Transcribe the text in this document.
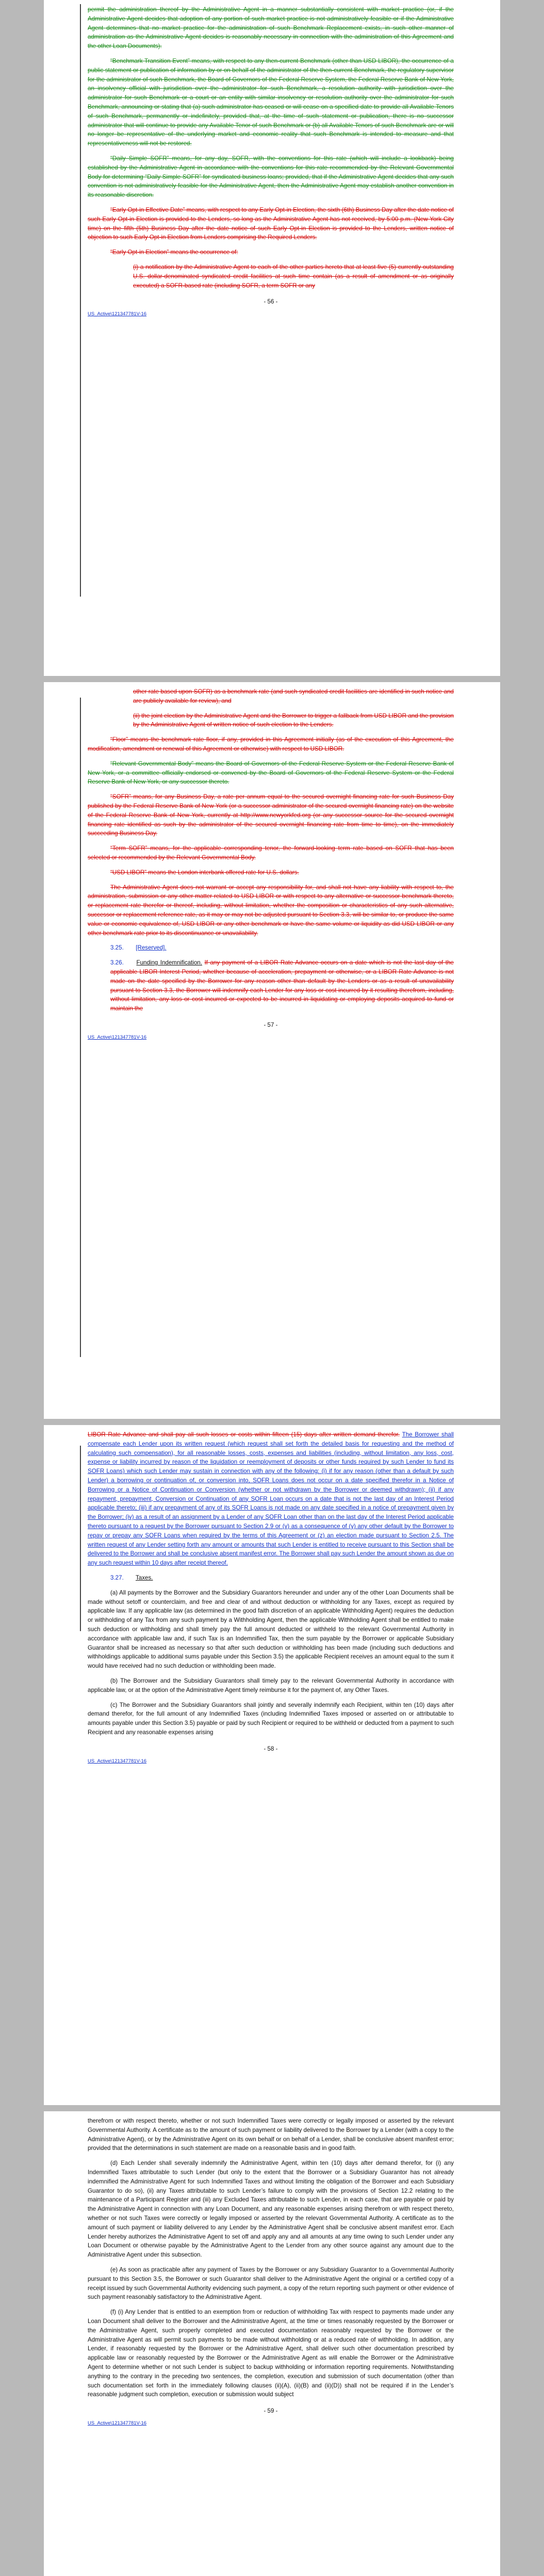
permit the administration thereof by the Administrative Agent in a manner substantially consistent with market practice (or, if the Administrative Agent decides that adoption of any portion of such market practice is not administratively feasible or if the Administrative Agent determines that no market practice for the administration of such Benchmark Replacement exists, in such other manner of administration as the Administrative Agent decides is reasonably necessary in connection with the administration of this Agreement and the other Loan Documents).

“Benchmark Transition Event” means, with respect to any then-current Benchmark (other than USD LIBOR), the occurrence of a public statement or publication of information by or on behalf of the administrator of the then-current Benchmark, the regulatory supervisor for the administrator of such Benchmark, the Board of Governors of the Federal Reserve System, the Federal Reserve Bank of New York, an insolvency official with jurisdiction over the administrator for such Benchmark, a resolution authority with jurisdiction over the administrator for such Benchmark or a court or an entity with similar insolvency or resolution authority over the administrator for such Benchmark, announcing or stating that (a) such administrator has ceased or will cease on a specified date to provide all Available Tenors of such Benchmark, permanently or indefinitely, provided that, at the time of such statement or publication, there is no successor administrator that will continue to provide any Available Tenor of such Benchmark or (b) all Available Tenors of such Benchmark are or will no longer be representative of the underlying market and economic reality that such Benchmark is intended to measure and that representativeness will not be restored.

“Daily Simple SOFR” means, for any day, SOFR, with the conventions for this rate (which will include a lookback) being established by the Administrative Agent in accordance with the conventions for this rate recommended by the Relevant Governmental Body for determining “Daily Simple SOFR” for syndicated business loans; provided, that if the Administrative Agent decides that any such convention is not administratively feasible for the Administrative Agent, then the Administrative Agent may establish another convention in its reasonable discretion.

“Early Opt-in Effective Date” means, with respect to any Early Opt-in Election, the sixth (6th) Business Day after the date notice of such Early Opt-in Election is provided to the Lenders, so long as the Administrative Agent has not received, by 5:00 p.m. (New York City time) on the fifth (5th) Business Day after the date notice of such Early Opt-in Election is provided to the Lenders, written notice of objection to such Early Opt-in Election from Lenders comprising the Required Lenders.

“Early Opt-in Election” means the occurrence of:

(i) a notification by the Administrative Agent to each of the other parties hereto that at least five (5) currently outstanding U.S. dollar-denominated syndicated credit facilities at such time contain (as a result of amendment or as originally executed) a SOFR-based rate (including SOFR, a term SOFR or any

- 56 -
US_Active\121347781V-16

other rate based upon SOFR) as a benchmark rate (and such syndicated credit facilities are identified in such notice and are publicly available for review), and

(ii) the joint election by the Administrative Agent and the Borrower to trigger a fallback from USD LIBOR and the provision by the Administrative Agent of written notice of such election to the Lenders.

“Floor” means the benchmark rate floor, if any, provided in this Agreement initially (as of the execution of this Agreement, the modification, amendment or renewal of this Agreement or otherwise) with respect to USD LIBOR.

“Relevant Governmental Body” means the Board of Governors of the Federal Reserve System or the Federal Reserve Bank of New York, or a committee officially endorsed or convened by the Board of Governors of the Federal Reserve System or the Federal Reserve Bank of New York, or any successor thereto.

“SOFR” means, for any Business Day, a rate per annum equal to the secured overnight financing rate for such Business Day published by the Federal Reserve Bank of New York (or a successor administrator of the secured overnight financing rate) on the website of the Federal Reserve Bank of New York, currently at http://www.newyorkfed.org (or any successor source for the secured overnight financing rate identified as such by the administrator of the secured overnight financing rate from time to time), on the immediately succeeding Business Day.

“Term SOFR” means, for the applicable corresponding tenor, the forward-looking term rate based on SOFR that has been selected or recommended by the Relevant Governmental Body.

“USD LIBOR” means the London interbank offered rate for U.S. dollars.

The Administrative Agent does not warrant or accept any responsibility for, and shall not have any liability with respect to, the administration, submission or any other matter related to USD LIBOR or with respect to any alternative or successor benchmark thereto, or replacement rate therefor or thereof, including, without limitation, whether the composition or characteristics of any such alternative, successor or replacement reference rate, as it may or may not be adjusted pursuant to Section 3.3, will be similar to, or produce the same value or economic equivalence of, USD LIBOR or any other benchmark or have the same volume or liquidity as did USD LIBOR or any other benchmark rate prior to its discontinuance or unavailability.

3.25. [Reserved].

3.26. Funding Indemnification. If any payment of a LIBOR Rate Advance occurs on a date which is not the last day of the applicable LIBOR Interest Period, whether because of acceleration, prepayment or otherwise, or a LIBOR Rate Advance is not made on the date specified by the Borrower for any reason other than default by the Lenders or as a result of unavailability pursuant to Section 3.3, the Borrower will indemnify each Lender for any loss or cost incurred by it resulting therefrom, including, without limitation, any loss or cost incurred or expected to be incurred in liquidating or employing deposits acquired to fund or maintain the

- 57 -
US_Active\121347781V-16

LIBOR Rate Advance and shall pay all such losses or costs within fifteen (15) days after written demand therefor. The Borrower shall compensate each Lender upon its written request (which request shall set forth the detailed basis for requesting and the method of calculating such compensation), for all reasonable losses, costs, expenses and liabilities (including, without limitation, any loss, cost, expense or liability incurred by reason of the liquidation or reemployment of deposits or other funds required by such Lender to fund its SOFR Loans) which such Lender may sustain in connection with any of the following: (i) if for any reason (other than a default by such Lender) a borrowing or continuation of, or conversion into, SOFR Loans does not occur on a date specified therefor in a Notice of Borrowing or a Notice of Continuation or Conversion (whether or not withdrawn by the Borrower or deemed withdrawn); (ii) if any repayment, prepayment, Conversion or Continuation of any SOFR Loan occurs on a date that is not the last day of an Interest Period applicable thereto; (iii) if any prepayment of any of its SOFR Loans is not made on any date specified in a notice of prepayment given by the Borrower; (iv) as a result of an assignment by a Lender of any SOFR Loan other than on the last day of the Interest Period applicable thereto pursuant to a request by the Borrower pursuant to Section 2.9 or (v) as a consequence of (y) any other default by the Borrower to repay or prepay any SOFR Loans when required by the terms of this Agreement or (z) an election made pursuant to Section 2.5. The written request of any Lender setting forth any amount or amounts that such Lender is entitled to receive pursuant to this Section shall be delivered to the Borrower and shall be conclusive absent manifest error. The Borrower shall pay such Lender the amount shown as due on any such request within 10 days after receipt thereof.

3.27. Taxes.

(a) All payments by the Borrower and the Subsidiary Guarantors hereunder and under any of the other Loan Documents shall be made without setoff or counterclaim, and free and clear of and without deduction or withholding for any Taxes, except as required by applicable law. If any applicable law (as determined in the good faith discretion of an applicable Withholding Agent) requires the deduction or withholding of any Tax from any such payment by a Withholding Agent, then the applicable Withholding Agent shall be entitled to make such deduction or withholding and shall timely pay the full amount deducted or withheld to the relevant Governmental Authority in accordance with applicable law and, if such Tax is an Indemnified Tax, then the sum payable by the Borrower or applicable Subsidiary Guarantor shall be increased as necessary so that after such deduction or withholding has been made (including such deductions and withholdings applicable to additional sums payable under this Section 3.5) the applicable Recipient receives an amount equal to the sum it would have received had no such deduction or withholding been made.

(b) The Borrower and the Subsidiary Guarantors shall timely pay to the relevant Governmental Authority in accordance with applicable law, or at the option of the Administrative Agent timely reimburse it for the payment of, any Other Taxes.

(c) The Borrower and the Subsidiary Guarantors shall jointly and severally indemnify each Recipient, within ten (10) days after demand therefor, for the full amount of any Indemnified Taxes (including Indemnified Taxes imposed or asserted on or attributable to amounts payable under this Section 3.5) payable or paid by such Recipient or required to be withheld or deducted from a payment to such Recipient and any reasonable expenses arising

- 58 -
US_Active\121347781V-16

therefrom or with respect thereto, whether or not such Indemnified Taxes were correctly or legally imposed or asserted by the relevant Governmental Authority. A certificate as to the amount of such payment or liability delivered to the Borrower by a Lender (with a copy to the Administrative Agent), or by the Administrative Agent on its own behalf or on behalf of a Lender, shall be conclusive absent manifest error; provided that the determinations in such statement are made on a reasonable basis and in good faith.

(d) Each Lender shall severally indemnify the Administrative Agent, within ten (10) days after demand therefor, for (i) any Indemnified Taxes attributable to such Lender (but only to the extent that the Borrower or a Subsidiary Guarantor has not already indemnified the Administrative Agent for such Indemnified Taxes and without limiting the obligation of the Borrower and each Subsidiary Guarantor to do so), (ii) any Taxes attributable to such Lender’s failure to comply with the provisions of Section 12.2 relating to the maintenance of a Participant Register and (iii) any Excluded Taxes attributable to such Lender, in each case, that are payable or paid by the Administrative Agent in connection with any Loan Document, and any reasonable expenses arising therefrom or with respect thereto, whether or not such Taxes were correctly or legally imposed or asserted by the relevant Governmental Authority. A certificate as to the amount of such payment or liability delivered to any Lender by the Administrative Agent shall be conclusive absent manifest error. Each Lender hereby authorizes the Administrative Agent to set off and apply any and all amounts at any time owing to such Lender under any Loan Document or otherwise payable by the Administrative Agent to the Lender from any other source against any amount due to the Administrative Agent under this subsection.

(e) As soon as practicable after any payment of Taxes by the Borrower or any Subsidiary Guarantor to a Governmental Authority pursuant to this Section 3.5, the Borrower or such Guarantor shall deliver to the Administrative Agent the original or a certified copy of a receipt issued by such Governmental Authority evidencing such payment, a copy of the return reporting such payment or other evidence of such payment reasonably satisfactory to the Administrative Agent.

(f) (i) Any Lender that is entitled to an exemption from or reduction of withholding Tax with respect to payments made under any Loan Document shall deliver to the Borrower and the Administrative Agent, at the time or times reasonably requested by the Borrower or the Administrative Agent, such properly completed and executed documentation reasonably requested by the Borrower or the Administrative Agent as will permit such payments to be made without withholding or at a reduced rate of withholding. In addition, any Lender, if reasonably requested by the Borrower or the Administrative Agent, shall deliver such other documentation prescribed by applicable law or reasonably requested by the Borrower or the Administrative Agent as will enable the Borrower or the Administrative Agent to determine whether or not such Lender is subject to backup withholding or information reporting requirements. Notwithstanding anything to the contrary in the preceding two sentences, the completion, execution and submission of such documentation (other than such documentation set forth in the immediately following clauses (ii)(A), (ii)(B) and (ii)(D)) shall not be required if in the Lender’s reasonable judgment such completion, execution or submission would subject

- 59 -
US_Active\121347781V-16
